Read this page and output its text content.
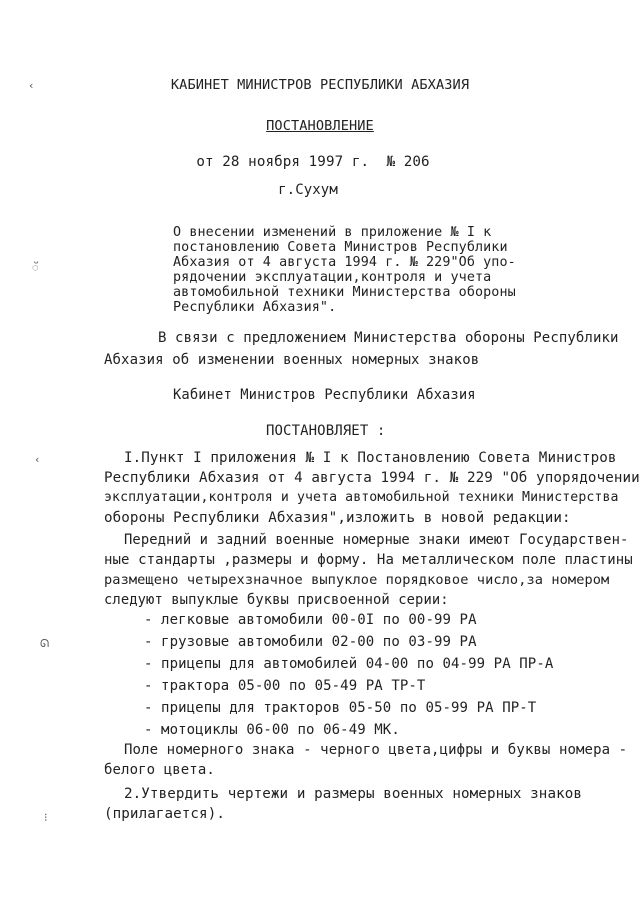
‹
ॅ
‹
ᘏ
⁝
КАБИНЕТ МИНИСТРОВ РЕСПУБЛИКИ АБХАЗИЯ
ПОСТАНОВЛЕНИЕ
от 28 ноября 1997 г.  № 206
г.Сухум
О внесении изменений в приложение № I к
постановлению Совета Министров Республики
Абхазия от 4 августа 1994 г. № 229"Об упо-
рядочении эксплуатации,контроля и учета
автомобильной техники Министерства обороны
Республики Абхазия".
В связи с предложением Министерства обороны Республики
Абхазия об изменении военных номерных знаков
Кабинет Министров Республики Абхазия
ПОСТАНОВЛЯЕТ :
I.Пункт I приложения № I к Постановлению Совета Министров
Республики Абхазия от 4 августа 1994 г. № 229 "Об упорядочении
эксплуатации,контроля и учета автомобильной техники Министерства
обороны Республики Абхазия",изложить в новой редакции:
Передний и задний военные номерные знаки имеют Государствен-
ные стандарты ,размеры и форму. На металлическом поле пластины
размещено четырехзначное выпуклое порядковое число,за номером
следуют выпуклые буквы присвоенной серии:
- легковые автомобили 00-0I по 00-99 РА
- грузовые автомобили 02-00 по 03-99 РА
- прицепы для автомобилей 04-00 по 04-99 РА ПР-А
- трактора 05-00 по 05-49 РА ТР-Т
- прицепы для тракторов 05-50 по 05-99 РА ПР-Т
- мотоциклы 06-00 по 06-49 МК.
Поле номерного знака - черного цвета,цифры и буквы номера -
белого цвета.
2.Утвердить чертежи и размеры военных номерных знаков
(прилагается).
